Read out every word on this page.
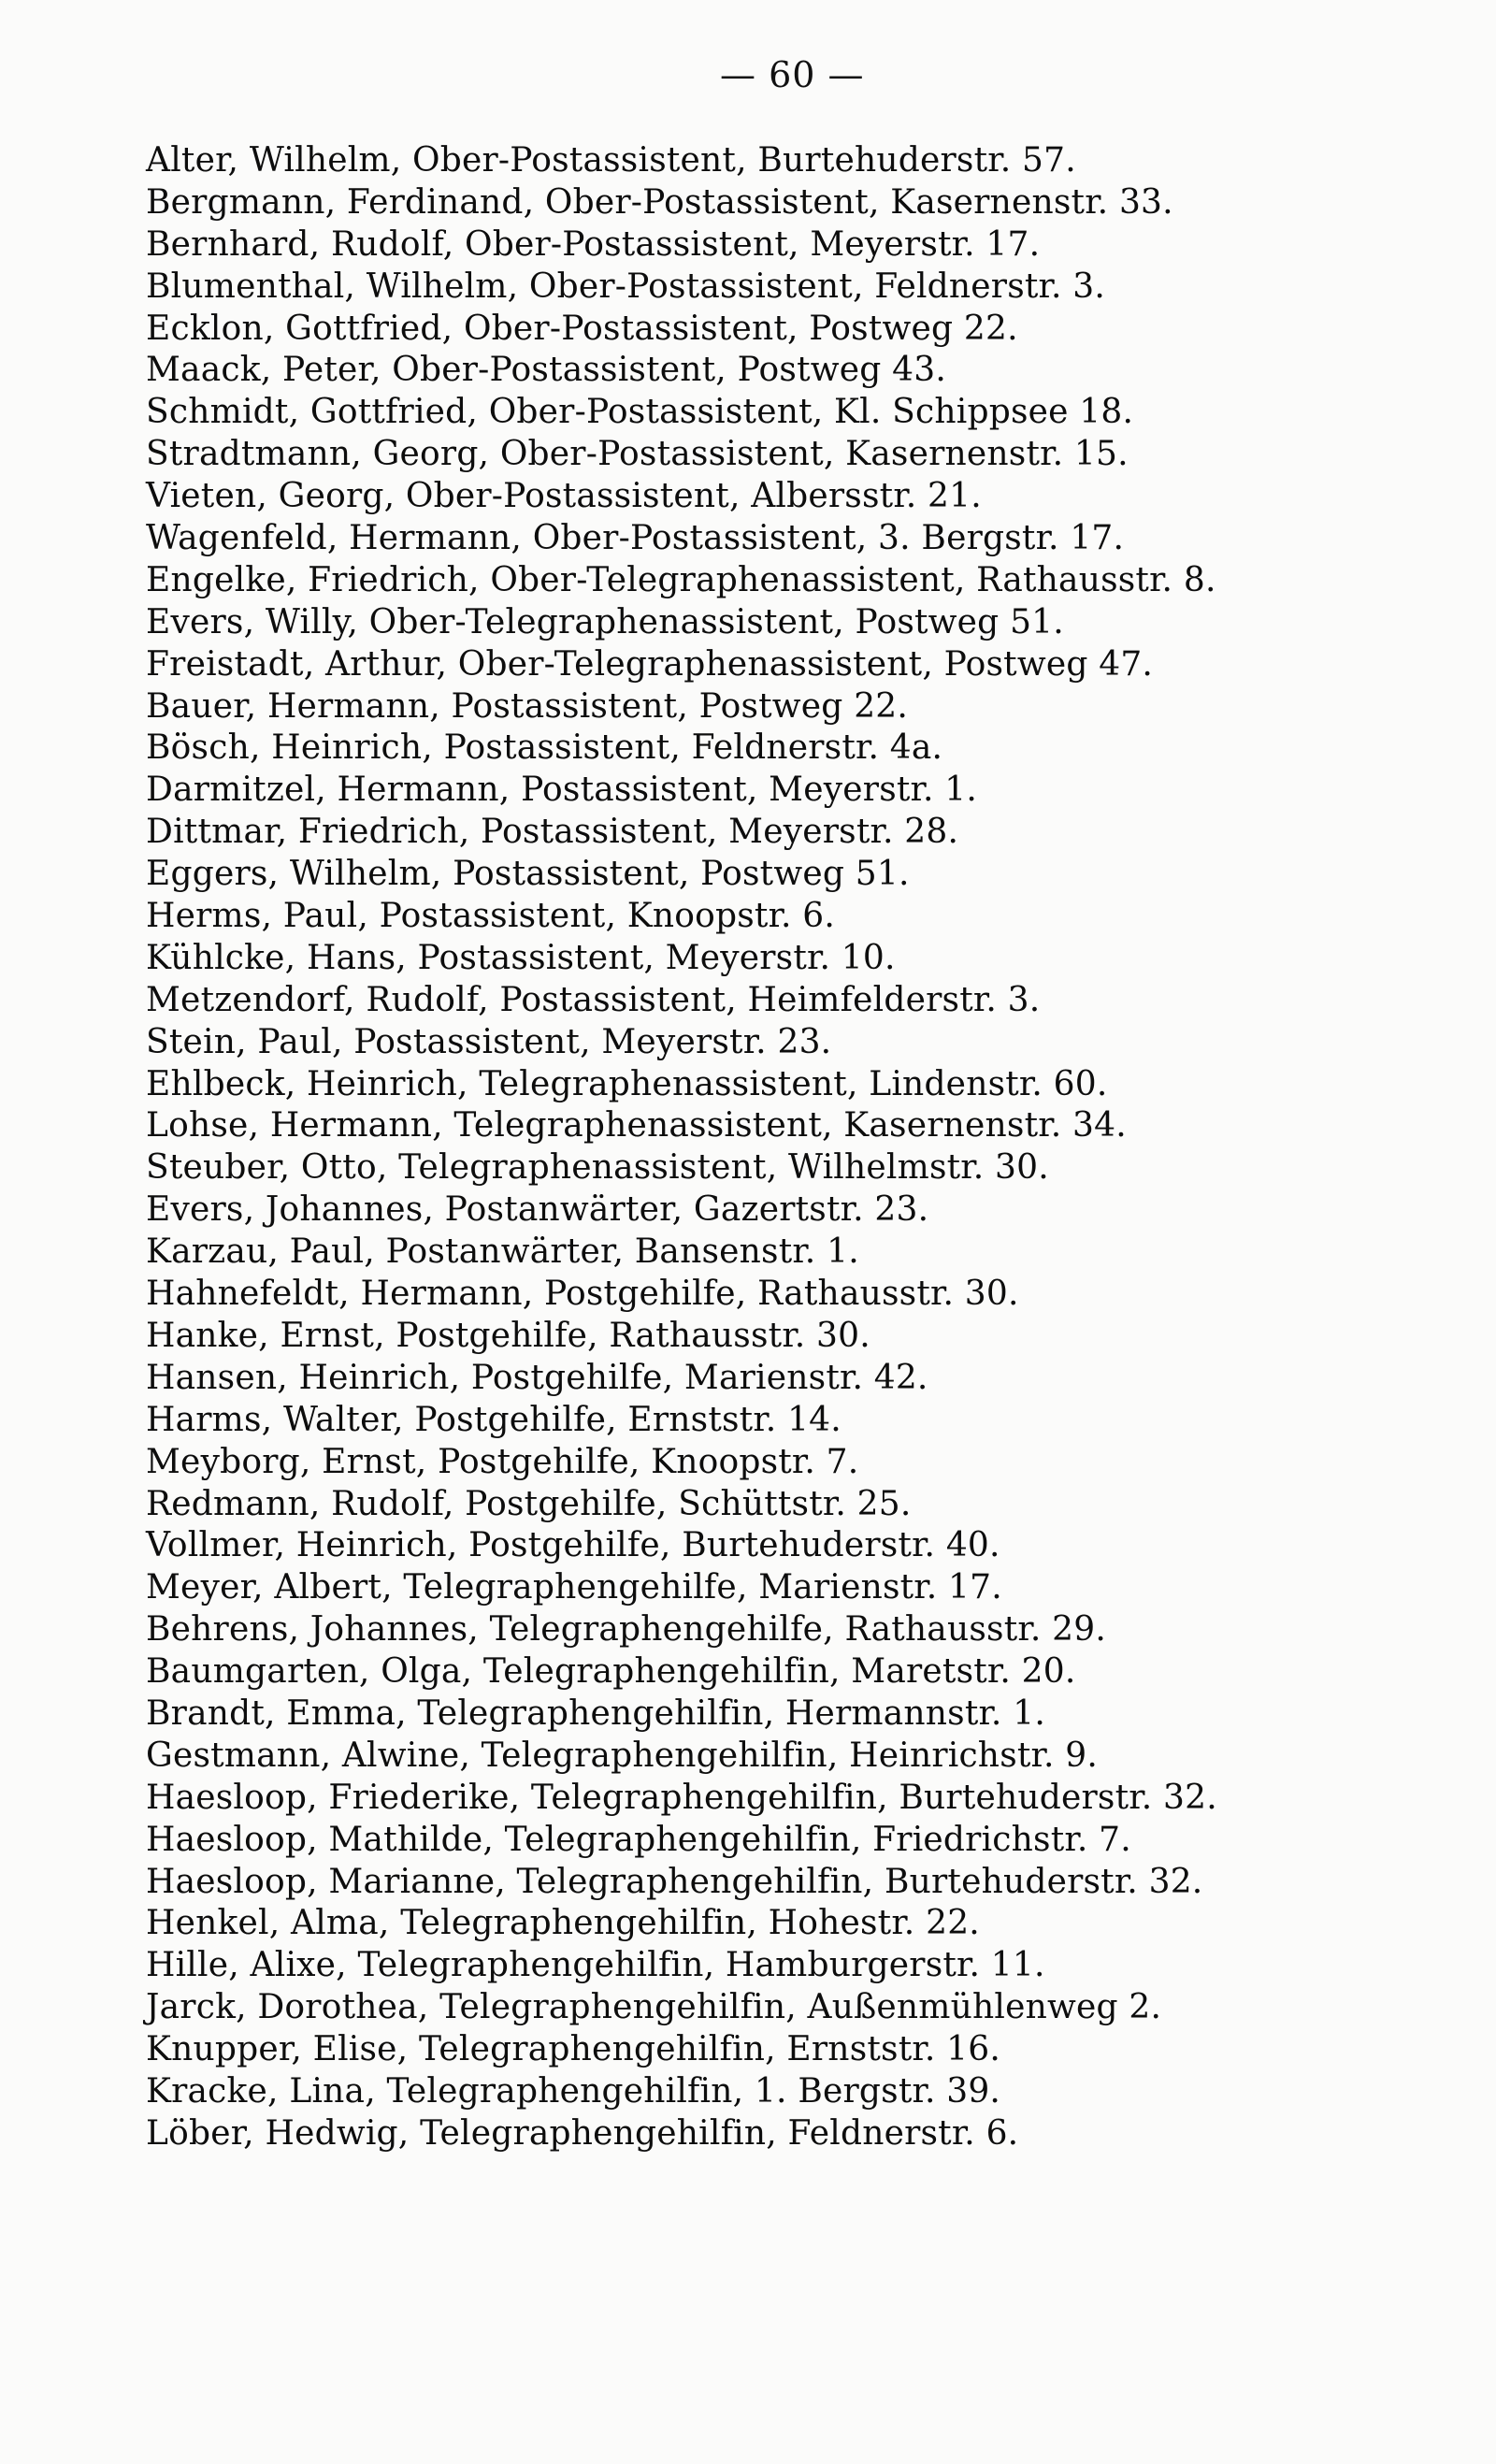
— 60 —
Alter, Wilhelm, Ober-Postassistent, Burtehuderstr. 57.
Bergmann, Ferdinand, Ober-Postassistent, Kasernenstr. 33.
Bernhard, Rudolf, Ober-Postassistent, Meyerstr. 17.
Blumenthal, Wilhelm, Ober-Postassistent, Feldnerstr. 3.
Ecklon, Gottfried, Ober-Postassistent, Postweg 22.
Maack, Peter, Ober-Postassistent, Postweg 43.
Schmidt, Gottfried, Ober-Postassistent, Kl. Schippsee 18.
Stradtmann, Georg, Ober-Postassistent, Kasernenstr. 15.
Vieten, Georg, Ober-Postassistent, Albersstr. 21.
Wagenfeld, Hermann, Ober-Postassistent, 3. Bergstr. 17.
Engelke, Friedrich, Ober-Telegraphenassistent, Rathausstr. 8.
Evers, Willy, Ober-Telegraphenassistent, Postweg 51.
Freistadt, Arthur, Ober-Telegraphenassistent, Postweg 47.
Bauer, Hermann, Postassistent, Postweg 22.
Bösch, Heinrich, Postassistent, Feldnerstr. 4a.
Darmitzel, Hermann, Postassistent, Meyerstr. 1.
Dittmar, Friedrich, Postassistent, Meyerstr. 28.
Eggers, Wilhelm, Postassistent, Postweg 51.
Herms, Paul, Postassistent, Knoopstr. 6.
Kühlcke, Hans, Postassistent, Meyerstr. 10.
Metzendorf, Rudolf, Postassistent, Heimfelderstr. 3.
Stein, Paul, Postassistent, Meyerstr. 23.
Ehlbeck, Heinrich, Telegraphenassistent, Lindenstr. 60.
Lohse, Hermann, Telegraphenassistent, Kasernenstr. 34.
Steuber, Otto, Telegraphenassistent, Wilhelmstr. 30.
Evers, Johannes, Postanwärter, Gazertstr. 23.
Karzau, Paul, Postanwärter, Bansenstr. 1.
Hahnefeldt, Hermann, Postgehilfe, Rathausstr. 30.
Hanke, Ernst, Postgehilfe, Rathausstr. 30.
Hansen, Heinrich, Postgehilfe, Marienstr. 42.
Harms, Walter, Postgehilfe, Ernststr. 14.
Meyborg, Ernst, Postgehilfe, Knoopstr. 7.
Redmann, Rudolf, Postgehilfe, Schüttstr. 25.
Vollmer, Heinrich, Postgehilfe, Burtehuderstr. 40.
Meyer, Albert, Telegraphengehilfe, Marienstr. 17.
Behrens, Johannes, Telegraphengehilfe, Rathausstr. 29.
Baumgarten, Olga, Telegraphengehilfin, Maretstr. 20.
Brandt, Emma, Telegraphengehilfin, Hermannstr. 1.
Gestmann, Alwine, Telegraphengehilfin, Heinrichstr. 9.
Haesloop, Friederike, Telegraphengehilfin, Burtehuderstr. 32.
Haesloop, Mathilde, Telegraphengehilfin, Friedrichstr. 7.
Haesloop, Marianne, Telegraphengehilfin, Burtehuderstr. 32.
Henkel, Alma, Telegraphengehilfin, Hohestr. 22.
Hille, Alixe, Telegraphengehilfin, Hamburgerstr. 11.
Jarck, Dorothea, Telegraphengehilfin, Außenmühlenweg 2.
Knupper, Elise, Telegraphengehilfin, Ernststr. 16.
Kracke, Lina, Telegraphengehilfin, 1. Bergstr. 39.
Löber, Hedwig, Telegraphengehilfin, Feldnerstr. 6.
